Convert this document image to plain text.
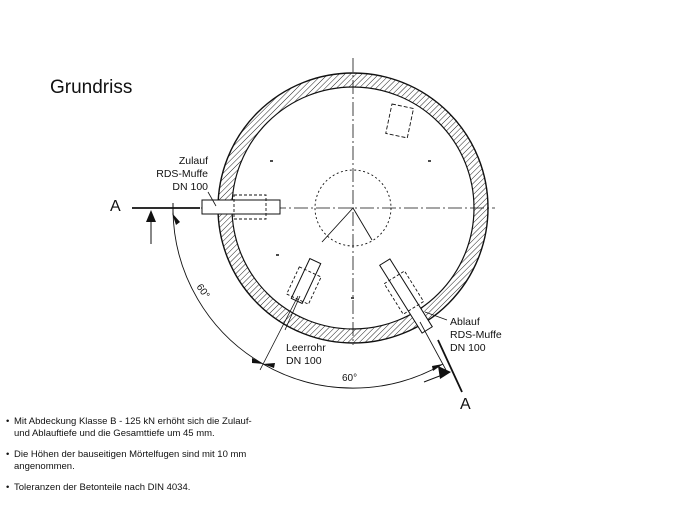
Grundriss
Zulauf
RDS-Muffe
DN 100
Leerrohr
DN 100
Ablauf
RDS-Muffe
DN 100
A
A
60°
60°
• Mit Abdeckung Klasse B - 125 kN erhöht sich die Zulauf- und Ablauftiefe und die Gesamttiefe um 45 mm.
• Die Höhen der bauseitigen Mörtelfugen sind mit 10 mm angenommen.
• Toleranzen der Betonteile nach DIN 4034.
